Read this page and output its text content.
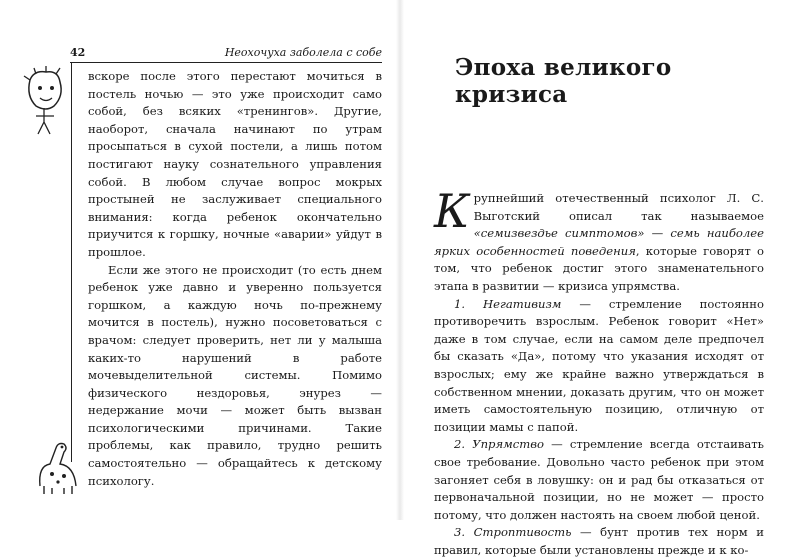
42	Неохочуха заболела с собе

вскоре после этого перестают мочиться в постель ночью — это уже происходит само собой, без всяких «тренингов». Другие, наоборот, сначала начинают по утрам просыпаться в сухой постели, а лишь потом постигают науку сознательного управления собой. В любом случае вопрос мокрых простыней не заслуживает специального внимания: когда ребенок окончательно приучится к горшку, ночные «аварии» уйдут в прошлое.

Если же этого не происходит (то есть днем ребенок уже давно и уверенно пользуется горшком, а каждую ночь по-прежнему мочится в постель), нужно посоветоваться с врачом: следует проверить, нет ли у малыша каких-то нарушений в работе мочевыделительной системы. Помимо физического нездоровья, энурез — недержание мочи — может быть вызван психологическими причинами. Такие проблемы, как правило, трудно решить самостоятельно — обращайтесь к детскому психологу.

Эпоха великого кризиса

Крупнейший отечественный психолог Л. С. Выготский описал так называемое «семизвездье симптомов» — семь наиболее ярких особенностей поведения, которые говорят о том, что ребенок достиг этого знаменательного этапа в развитии — кризиса упрямства.

1. Негативизм — стремление постоянно противоречить взрослым. Ребенок говорит «Нет» даже в том случае, если на самом деле предпочел бы сказать «Да», потому что указания исходят от взрослых; ему же крайне важно утверждаться в собственном мнении, доказать другим, что он может иметь самостоятельную позицию, отличную от позиции мамы с папой.

2. Упрямство — стремление всегда отстаивать свое требование. Довольно часто ребенок при этом загоняет себя в ловушку: он и рад бы отказаться от первоначальной позиции, но не может — просто потому, что должен настоять на своем любой ценой.

3. Строптивость — бунт против тех норм и правил, которые были установлены прежде и к ко-
